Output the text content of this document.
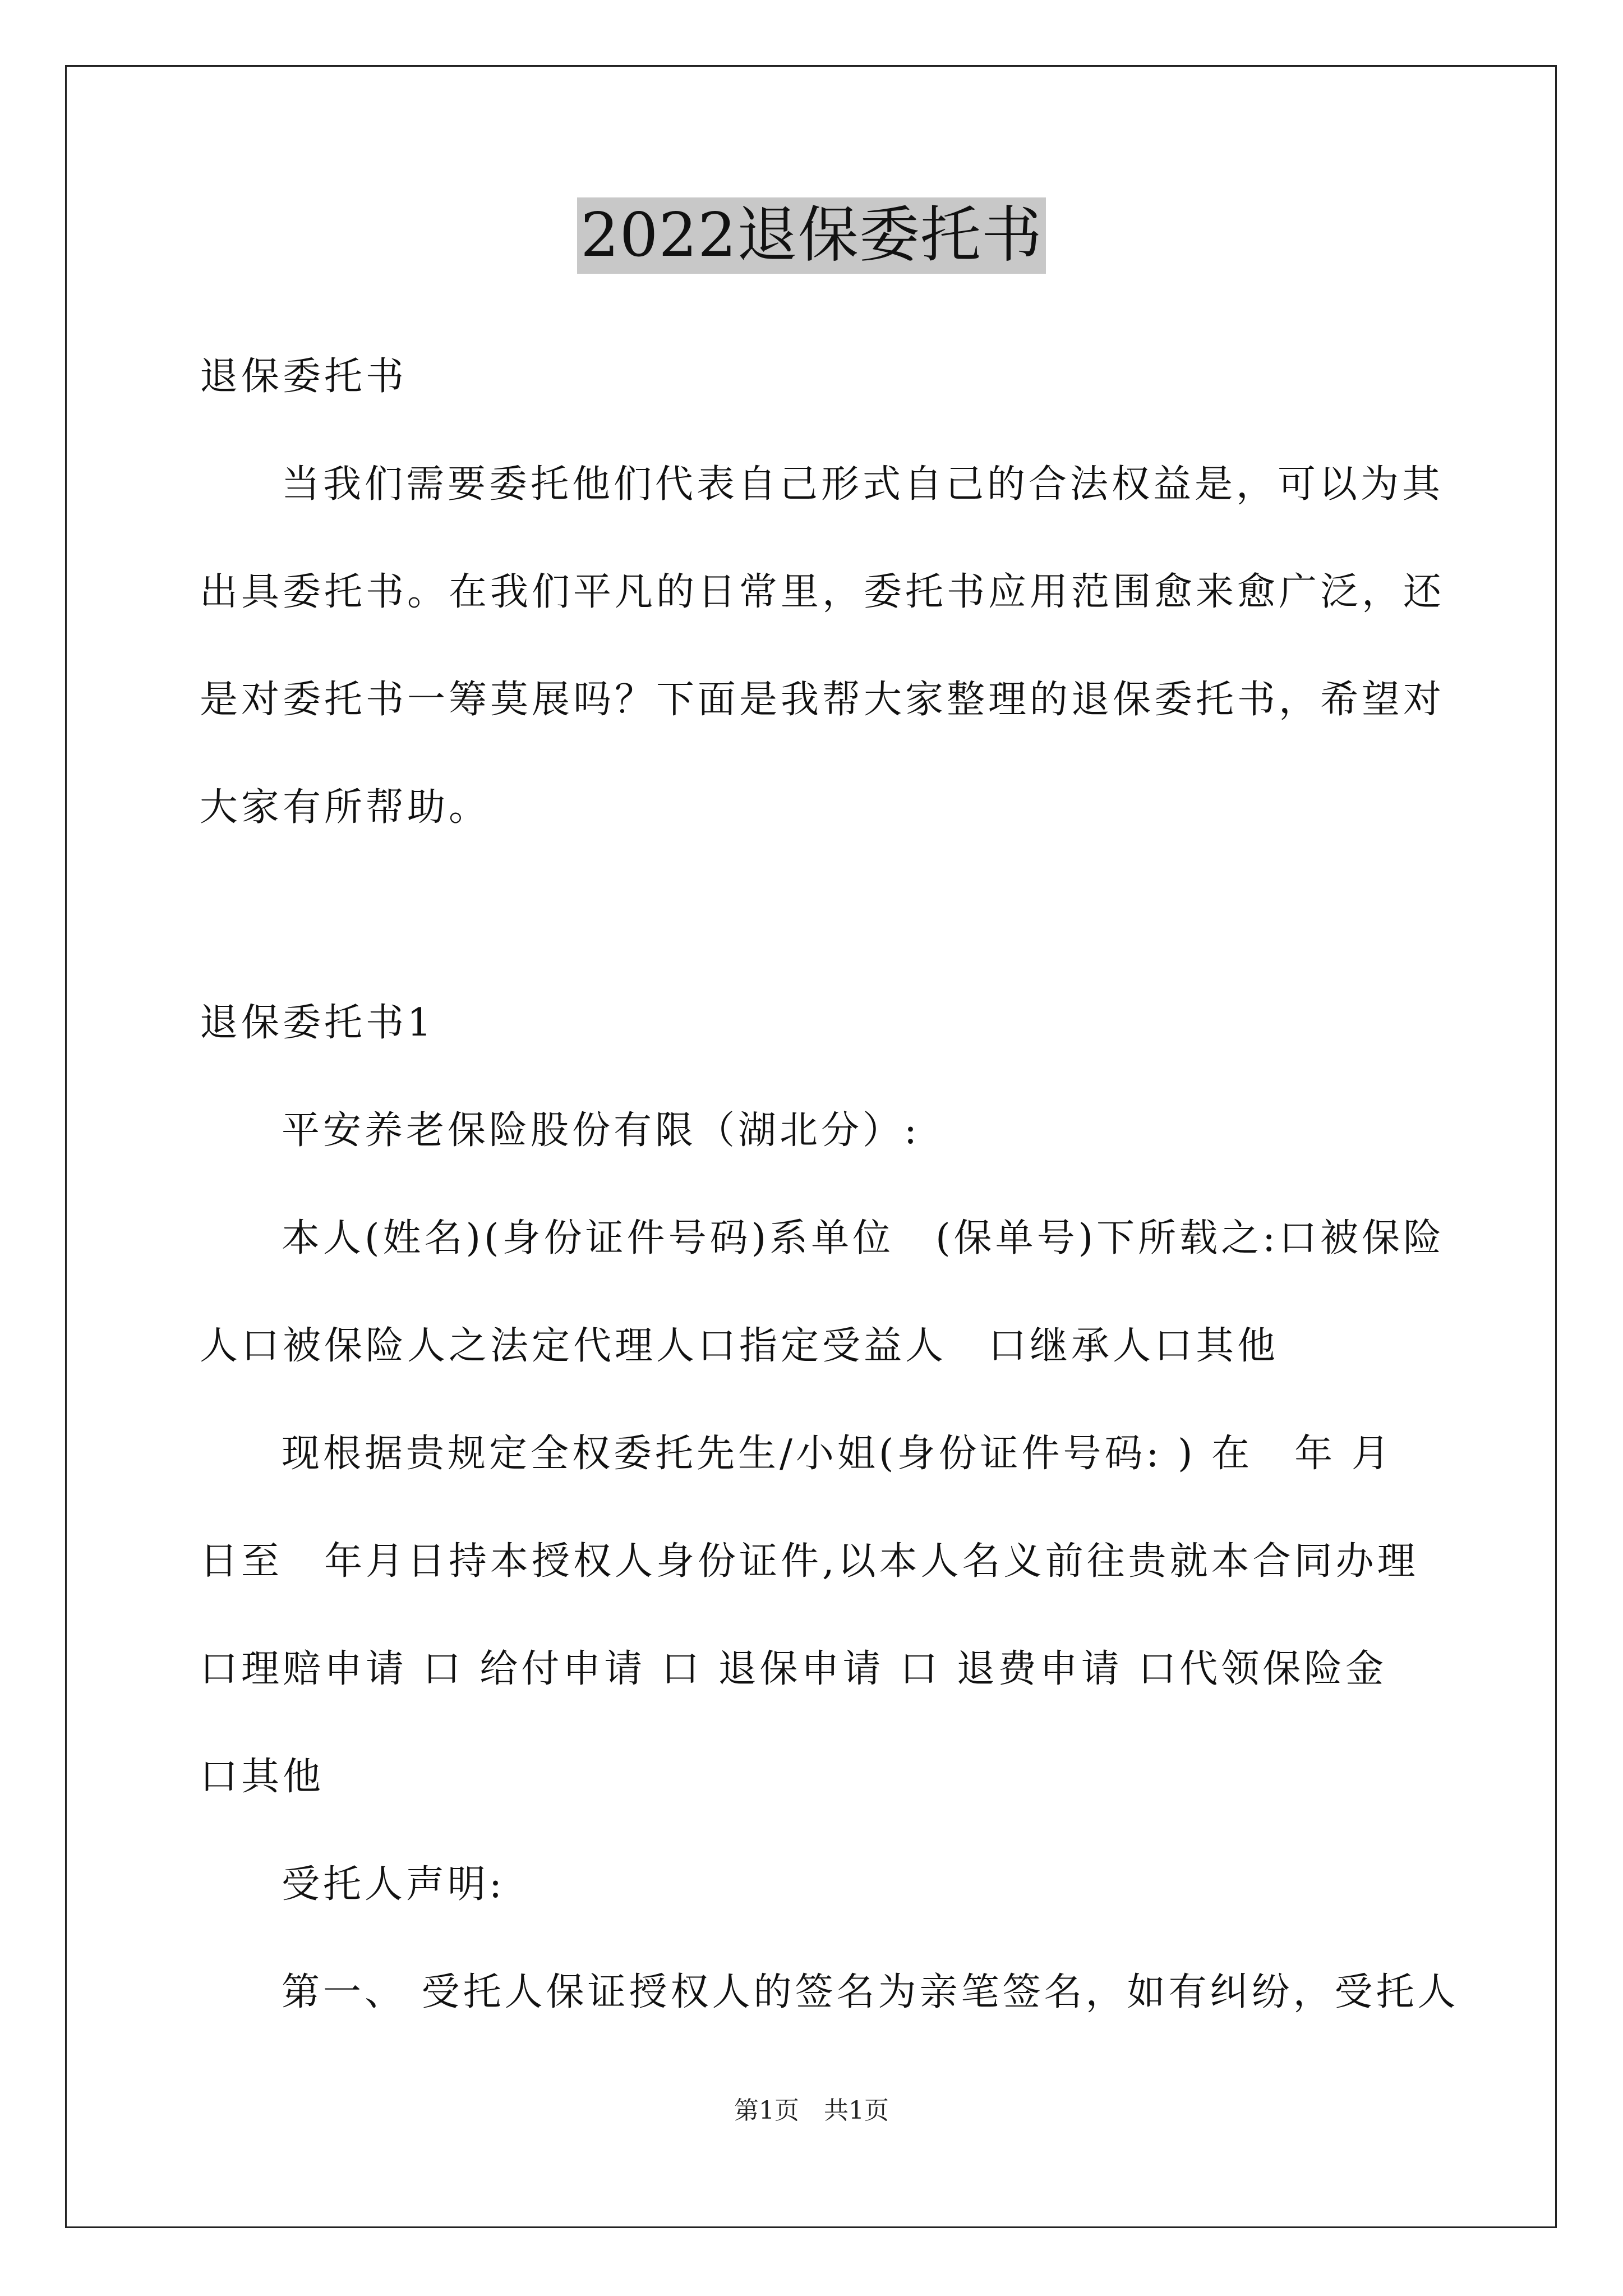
2022退保委托书
退保委托书
当我们需要委托他们代表自己形式自己的合法权益是，可以为其
出具委托书。在我们平凡的日常里，委托书应用范围愈来愈广泛，还
是对委托书一筹莫展吗？下面是我帮大家整理的退保委托书，希望对
大家有所帮助。
退保委托书1
平安养老保险股份有限（湖北分）:
本人(姓名)(身份证件号码)系单位　(保单号)下所载之:口被保险
人口被保险人之法定代理人口指定受益人　口继承人口其他
现根据贵规定全权委托先生/小姐(身份证件号码: ) 在　年 月
日至　年月日持本授权人身份证件,以本人名义前往贵就本合同办理
口理赔申请 口 给付申请 口 退保申请 口 退费申请 口代领保险金
口其他
受托人声明:
第一、 受托人保证授权人的签名为亲笔签名，如有纠纷，受托人
第1页　共1页
